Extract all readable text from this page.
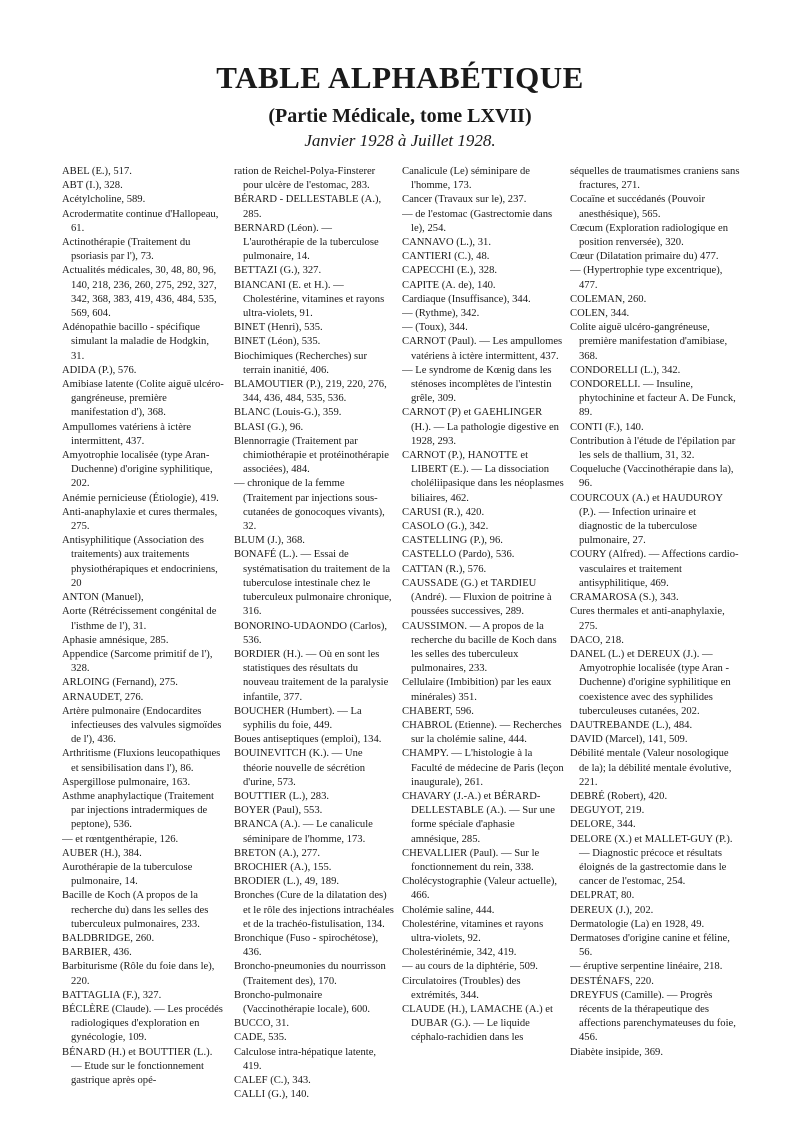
TABLE ALPHABÉTIQUE
(Partie Médicale, tome LXVII)
Janvier 1928 à Juillet 1928.

ABEL (E.), 517.

ABT (I.), 328.

Acétylcholine, 589.

Acrodermatite continue d'Hallopeau, 61.

Actinothérapie (Traitement du psoriasis par l'), 73.

Actualités médicales, 30, 48, 80, 96, 140, 218, 236, 260, 275, 292, 327, 342, 368, 383, 419, 436, 484, 535, 569, 604.

Adénopathie bacillo - spécifique simulant la maladie de Hodgkin, 31.

ADIDA (P.), 576.

Amibiase latente (Colite aiguë ulcéro-gangréneuse, première manifestation d'), 368.

Ampullomes vatériens à ictère intermittent, 437.

Amyotrophie localisée (type Aran-Duchenne) d'origine syphilitique, 202.

Anémie pernicieuse (Étiologie), 419.

Anti-anaphylaxie et cures thermales, 275.

Antisyphilitique (Association des traitements) aux traitements physiothérapiques et endocriniens, 20

ANTON (Manuel),

Aorte (Rétrécissement congénital de l'isthme de l'), 31.

Aphasie amnésique, 285.

Appendice (Sarcome primitif de l'), 328.

ARLOING (Fernand), 275.

ARNAUDET, 276.

Artère pulmonaire (Endocardites infectieuses des valvules sigmoïdes de l'), 436.

Arthritisme (Fluxions leucopathiques et sensibilisation dans l'), 86.

Aspergillose pulmonaire, 163.

Asthme anaphylactique (Traitement par injections intradermiques de peptone), 536.

— et rœntgenthérapie, 126.

AUBER (H.), 384.

Aurothérapie de la tuberculose pulmonaire, 14.

Bacille de Koch (A propos de la recherche du) dans les selles des tuberculeux pulmonaires, 233.

BALDBRIDGE, 260.

BARBIER, 436.

Barbiturisme (Rôle du foie dans le), 220.

BATTAGLIA (F.), 327.

BÉCLÈRE (Claude). — Les procédés radiologiques d'exploration en gynécologie, 109.

BÉNARD (H.) et BOUTTIER (L.). — Etude sur le fonctionnement gastrique après opé-

ration de Reichel-Polya-Finsterer pour ulcère de l'estomac, 283.

BÉRARD - DELLESTABLE (A.), 285.

BERNARD (Léon). — L'aurothérapie de la tuberculose pulmonaire, 14.

BETTAZI (G.), 327.

BIANCANI (E. et H.). — Cholestérine, vitamines et rayons ultra-violets, 91.

BINET (Henri), 535.

BINET (Léon), 535.

Biochimiques (Recherches) sur terrain inanitié, 406.

BLAMOUTIER (P.), 219, 220, 276, 344, 436, 484, 535, 536.

BLANC (Louis-G.), 359.

BLASI (G.), 96.

Blennorragie (Traitement par chimiothérapie et protéinothérapie associées), 484.

— chronique de la femme (Traitement par injections sous-cutanées de gonocoques vivants), 32.

BLUM (J.), 368.

BONAFÉ (L.). — Essai de systématisation du traitement de la tuberculose intestinale chez le tuberculeux pulmonaire chronique, 316.

BONORINO-UDAONDO (Carlos), 536.

BORDIER (H.). — Où en sont les statistiques des résultats du nouveau traitement de la paralysie infantile, 377.

BOUCHER (Humbert). — La syphilis du foie, 449.

Boues antiseptiques (emploi), 134.

BOUINEVITCH (K.). — Une théorie nouvelle de sécrétion d'urine, 573.

BOUTTIER (L.), 283.

BOYER (Paul), 553.

BRANCA (A.). — Le canalicule séminipare de l'homme, 173.

BRETON (A.), 277.

BROCHIER (A.), 155.

BRODIER (L.), 49, 189.

Bronches (Cure de la dilatation des) et le rôle des injections intrachéales et de la trachéo-fistulisation, 134.

Bronchique (Fuso - spirochétose), 436.

Broncho-pneumonies du nourrisson (Traitement des), 170.

Broncho-pulmonaire (Vaccinothérapie locale), 600.

BUCCO, 31.

CADE, 535.

Calculose intra-hépatique latente, 419.

CALEF (C.), 343.

CALLI (G.), 140.

Canalicule (Le) séminipare de l'homme, 173.

Cancer (Travaux sur le), 237.

— de l'estomac (Gastrectomie dans le), 254.

CANNAVO (L.), 31.

CANTIERI (C.), 48.

CAPECCHI (E.), 328.

CAPITE (A. de), 140.

Cardiaque (Insuffisance), 344.

— (Rythme), 342.

— (Toux), 344.

CARNOT (Paul). — Les ampullomes vatériens à ictère intermittent, 437.

— Le syndrome de Kœnig dans les sténoses incomplètes de l'intestin grêle, 309.

CARNOT (P) et GAEHLINGER (H.). — La pathologie digestive en 1928, 293.

CARNOT (P.), HANOTTE et LIBERT (E.). — La dissociation choléliipasique dans les néoplasmes biliaires, 462.

CARUSI (R.), 420.

CASOLO (G.), 342.

CASTELLING (P.), 96.

CASTELLO (Pardo), 536.

CATTAN (R.), 576.

CAUSSADE (G.) et TARDIEU (André). — Fluxion de poitrine à poussées successives, 289.

CAUSSIMON. — A propos de la recherche du bacille de Koch dans les selles des tuberculeux pulmonaires, 233.

Cellulaire (Imbibition) par les eaux minérales) 351.

CHABERT, 596.

CHABROL (Etienne). — Recherches sur la cholémie saline, 444.

CHAMPY. — L'histologie à la Faculté de médecine de Paris (leçon inaugurale), 261.

CHAVARY (J.-A.) et BÉRARD-DELLESTABLE (A.). — Sur une forme spéciale d'aphasie amnésique, 285.

CHEVALLIER (Paul). — Sur le fonctionnement du rein, 338.

Cholécystographie (Valeur actuelle), 466.

Cholémie saline, 444.

Cholestérine, vitamines et rayons ultra-violets, 92.

Cholestérinémie, 342, 419.

— au cours de la diphtérie, 509.

Circulatoires (Troubles) des extrémités, 344.

CLAUDE (H.), LAMACHE (A.) et DUBAR (G.). — Le liquide céphalo-rachidien dans les

séquelles de traumatismes craniens sans fractures, 271.

Cocaïne et succédanés (Pouvoir anesthésique), 565.

Cœcum (Exploration radiologique en position renversée), 320.

Cœur (Dilatation primaire du) 477.

— (Hypertrophie type excentrique), 477.

COLEMAN, 260.

COLEN, 344.

Colite aiguë ulcéro-gangréneuse, première manifestation d'amibiase, 368.

CONDORELLI (L.), 342.

CONDORELLI. — Insuline, phytochinine et facteur A. De Funck, 89.

CONTI (F.), 140.

Contribution à l'étude de l'épilation par les sels de thallium, 31, 32.

Coqueluche (Vaccinothérapie dans la), 96.

COURCOUX (A.) et HAUDUROY (P.). — Infection urinaire et diagnostic de la tuberculose pulmonaire, 27.

COURY (Alfred). — Affections cardio-vasculaires et traitement antisyphilitique, 469.

CRAMAROSA (S.), 343.

Cures thermales et anti-anaphylaxie, 275.

DACO, 218.

DANEL (L.) et DEREUX (J.). — Amyotrophie localisée (type Aran - Duchenne) d'origine syphilitique en coexistence avec des syphilides tuberculeuses cutanées, 202.

DAUTREBANDE (L.), 484.

DAVID (Marcel), 141, 509.

Débilité mentale (Valeur nosologique de la); la débilité mentale évolutive, 221.

DEBRÉ (Robert), 420.

DEGUYOT, 219.

DELORE, 344.

DELORE (X.) et MALLET-GUY (P.). — Diagnostic précoce et résultats éloignés de la gastrectomie dans le cancer de l'estomac, 254.

DELPRAT, 80.

DEREUX (J.), 202.

Dermatologie (La) en 1928, 49.

Dermatoses d'origine canine et féline, 56.

— éruptive serpentine linéaire, 218.

DESTÉNAFS, 220.

DREYFUS (Camille). — Progrès récents de la thérapeutique des affections parenchymateuses du foie, 456.

Diabète insipide, 369.
